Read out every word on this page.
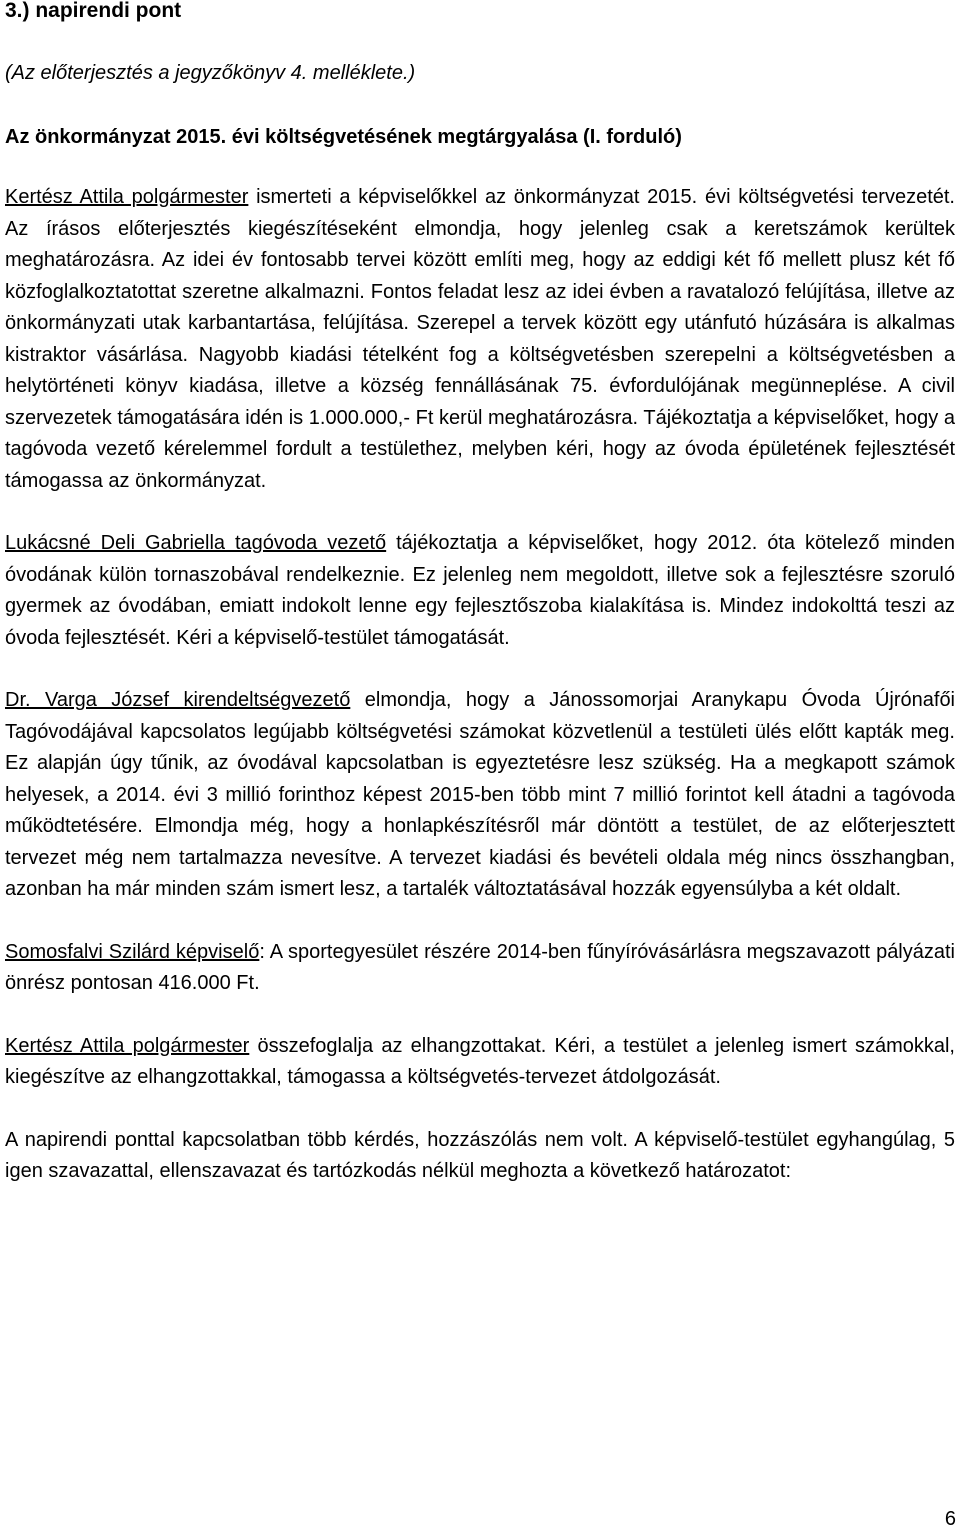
3.) napirendi pont

(Az előterjesztés a jegyzőkönyv 4. melléklete.)

Az önkormányzat 2015. évi költségvetésének megtárgyalása (I. forduló)

Kertész Attila polgármester ismerteti a képviselőkkel az önkormányzat 2015. évi költségvetési tervezetét. Az írásos előterjesztés kiegészítéseként elmondja, hogy jelenleg csak a keretszámok kerültek meghatározásra. Az idei év fontosabb tervei között említi meg, hogy az eddigi két fő mellett plusz két fő közfoglalkoztatottat szeretne alkalmazni. Fontos feladat lesz az idei évben a ravatalozó felújítása, illetve az önkormányzati utak karbantartása, felújítása. Szerepel a tervek között egy utánfutó húzására is alkalmas kistraktor vásárlása. Nagyobb kiadási tételként fog a költségvetésben szerepelni a költségvetésben a helytörténeti könyv kiadása, illetve a község fennállásának 75. évfordulójának megünneplése. A civil szervezetek támogatására idén is 1.000.000,- Ft kerül meghatározásra. Tájékoztatja a képviselőket, hogy a tagóvoda vezető kérelemmel fordult a testülethez, melyben kéri, hogy az óvoda épületének fejlesztését támogassa az önkormányzat.

Lukácsné Deli Gabriella tagóvoda vezető tájékoztatja a képviselőket, hogy 2012. óta kötelező minden óvodának külön tornaszobával rendelkeznie. Ez jelenleg nem megoldott, illetve sok a fejlesztésre szoruló gyermek az óvodában, emiatt indokolt lenne egy fejlesztőszoba kialakítása is. Mindez indokolttá teszi az óvoda fejlesztését. Kéri a képviselő-testület támogatását.

Dr. Varga József kirendeltségvezető elmondja, hogy a Jánossomorjai Aranykapu Óvoda Újrónafői Tagóvodájával kapcsolatos legújabb költségvetési számokat közvetlenül a testületi ülés előtt kapták meg. Ez alapján úgy tűnik, az óvodával kapcsolatban is egyeztetésre lesz szükség. Ha a megkapott számok helyesek, a 2014. évi 3 millió forinthoz képest 2015-ben több mint 7 millió forintot kell átadni a tagóvoda működtetésére. Elmondja még, hogy a honlapkészítésről már döntött a testület, de az előterjesztett tervezet még nem tartalmazza nevesítve. A tervezet kiadási és bevételi oldala még nincs összhangban, azonban ha már minden szám ismert lesz, a tartalék változtatásával hozzák egyensúlyba a két oldalt.

Somosfalvi Szilárd képviselő: A sportegyesület részére 2014-ben fűnyíróvásárlásra megszavazott pályázati önrész pontosan 416.000 Ft.

Kertész Attila polgármester összefoglalja az elhangzottakat. Kéri, a testület a jelenleg ismert számokkal, kiegészítve az elhangzottakkal, támogassa a költségvetés-tervezet átdolgozását.

A napirendi ponttal kapcsolatban több kérdés, hozzászólás nem volt. A képviselő-testület egyhangúlag, 5 igen szavazattal, ellenszavazat és tartózkodás nélkül meghozta a következő határozatot:

6
